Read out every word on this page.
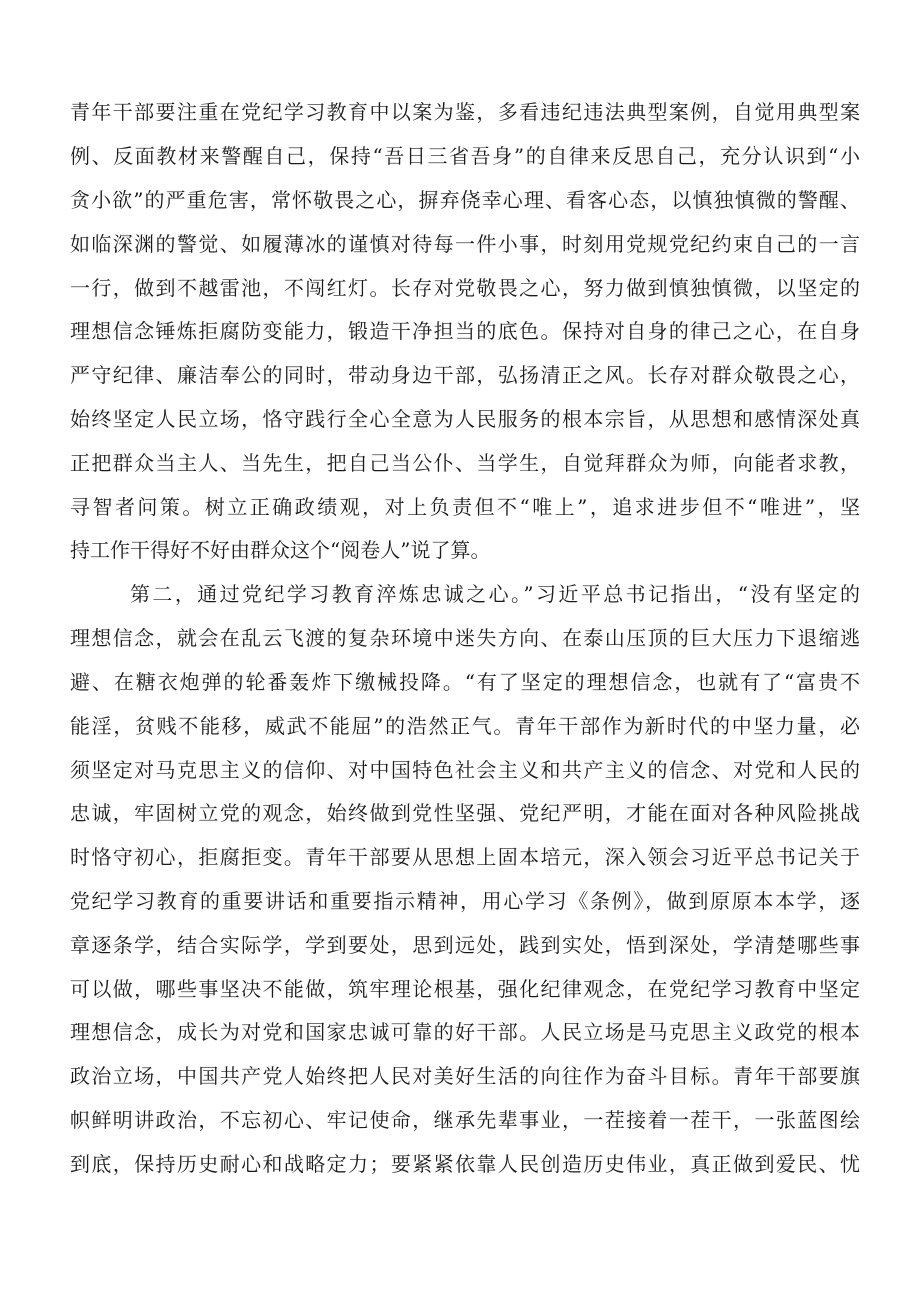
青年干部要注重在党纪学习教育中以案为鉴，多看违纪违法典型案例，自觉用典型案

例、反面教材来警醒自己，保持“吾日三省吾身”的自律来反思自己，充分认识到“小

贪小欲”的严重危害，常怀敬畏之心，摒弃侥幸心理、看客心态，以慎独慎微的警醒、

如临深渊的警觉、如履薄冰的谨慎对待每一件小事，时刻用党规党纪约束自己的一言

一行，做到不越雷池，不闯红灯。长存对党敬畏之心，努力做到慎独慎微，以坚定的

理想信念锤炼拒腐防变能力，锻造干净担当的底色。保持对自身的律己之心，在自身

严守纪律、廉洁奉公的同时，带动身边干部，弘扬清正之风。长存对群众敬畏之心，

始终坚定人民立场，恪守践行全心全意为人民服务的根本宗旨，从思想和感情深处真

正把群众当主人、当先生，把自己当公仆、当学生，自觉拜群众为师，向能者求教，

寻智者问策。树立正确政绩观，对上负责但不“唯上”，追求进步但不“唯进”，坚

持工作干得好不好由群众这个“阅卷人”说了算。

第二，通过党纪学习教育淬炼忠诚之心。”习近平总书记指出，“没有坚定的

理想信念，就会在乱云飞渡的复杂环境中迷失方向、在泰山压顶的巨大压力下退缩逃

避、在糖衣炮弹的轮番轰炸下缴械投降。“有了坚定的理想信念，也就有了“富贵不

能淫，贫贱不能移，威武不能屈”的浩然正气。青年干部作为新时代的中坚力量，必

须坚定对马克思主义的信仰、对中国特色社会主义和共产主义的信念、对党和人民的

忠诚，牢固树立党的观念，始终做到党性坚强、党纪严明，才能在面对各种风险挑战

时恪守初心，拒腐拒变。青年干部要从思想上固本培元，深入领会习近平总书记关于

党纪学习教育的重要讲话和重要指示精神，用心学习《条例》，做到原原本本学，逐

章逐条学，结合实际学，学到要处，思到远处，践到实处，悟到深处，学清楚哪些事

可以做，哪些事坚决不能做，筑牢理论根基，强化纪律观念，在党纪学习教育中坚定

理想信念，成长为对党和国家忠诚可靠的好干部。人民立场是马克思主义政党的根本

政治立场，中国共产党人始终把人民对美好生活的向往作为奋斗目标。青年干部要旗

帜鲜明讲政治，不忘初心、牢记使命，继承先辈事业，一茬接着一茬干，一张蓝图绘

到底，保持历史耐心和战略定力；要紧紧依靠人民创造历史伟业，真正做到爱民、忧
